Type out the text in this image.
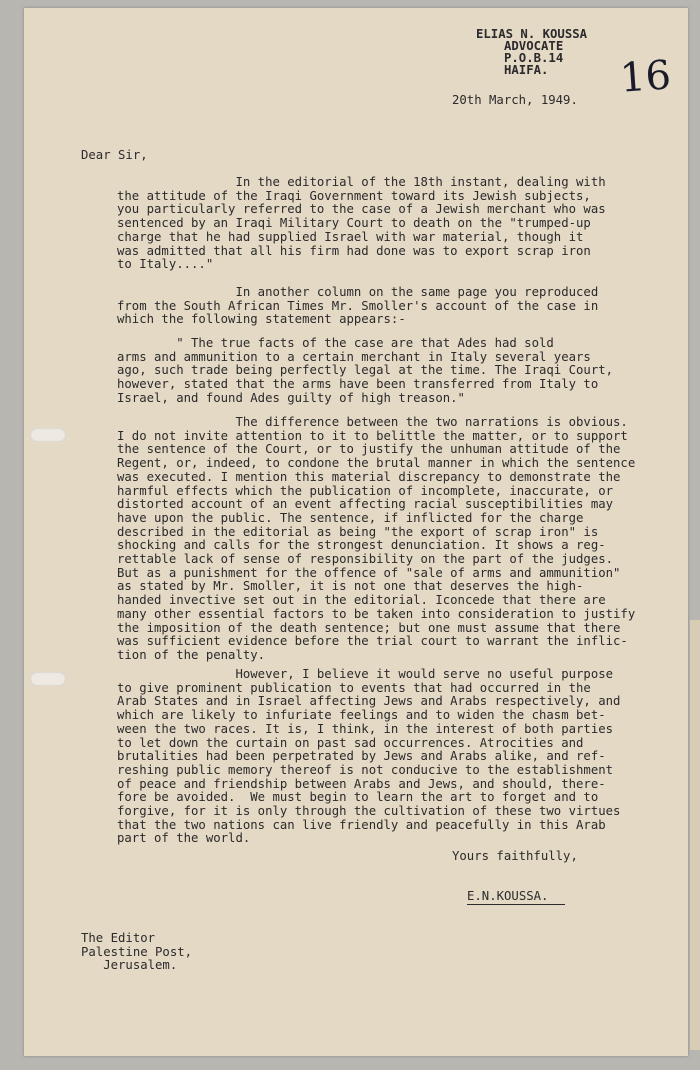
ELIAS N. KOUSSA
ADVOCATE
P.O.B.14
HAIFA. 16
20th March, 1949.
Dear Sir,
In the editorial of the 18th instant, dealing with
the attitude of the Iraqi Government toward its Jewish subjects,
you particularly referred to the case of a Jewish merchant who was
sentenced by an Iraqi Military Court to death on the "trumped-up
charge that he had supplied Israel with war material, though it
was admitted that all his firm had done was to export scrap iron
to Italy...."
In another column on the same page you reproduced
from the South African Times Mr. Smoller's account of the case in
which the following statement appears:-
" The true facts of the case are that Ades had sold
arms and ammunition to a certain merchant in Italy several years
ago, such trade being perfectly legal at the time. The Iraqi Court,
however, stated that the arms have been transferred from Italy to
Israel, and found Ades guilty of high treason."
The difference between the two narrations is obvious.
I do not invite attention to it to belittle the matter, or to support
the sentence of the Court, or to justify the unhuman attitude of the
Regent, or, indeed, to condone the brutal manner in which the sentence
was executed. I mention this material discrepancy to demonstrate the
harmful effects which the publication of incomplete, inaccurate, or
distorted account of an event affecting racial susceptibilities may
have upon the public. The sentence, if inflicted for the charge
described in the editorial as being "the export of scrap iron" is
shocking and calls for the strongest denunciation. It shows a reg-
rettable lack of sense of responsibility on the part of the judges.
But as a punishment for the offence of "sale of arms and ammunition"
as stated by Mr. Smoller, it is not one that deserves the high-
handed invective set out in the editorial. Iconcede that there are
many other essential factors to be taken into consideration to justify
the imposition of the death sentence; but one must assume that there
was sufficient evidence before the trial court to warrant the inflic-
tion of the penalty.
However, I believe it would serve no useful purpose
to give prominent publication to events that had occurred in the
Arab States and in Israel affecting Jews and Arabs respectively, and
which are likely to infuriate feelings and to widen the chasm bet-
ween the two races. It is, I think, in the interest of both parties
to let down the curtain on past sad occurrences. Atrocities and
brutalities had been perpetrated by Jews and Arabs alike, and ref-
reshing public memory thereof is not conducive to the establishment
of peace and friendship between Arabs and Jews, and should, there-
fore be avoided.  We must begin to learn the art to forget and to
forgive, for it is only through the cultivation of these two virtues
that the two nations can live friendly and peacefully in this Arab
part of the world.
Yours faithfully,
E.N.KOUSSA.
The Editor
Palestine Post,
Jerusalem.
